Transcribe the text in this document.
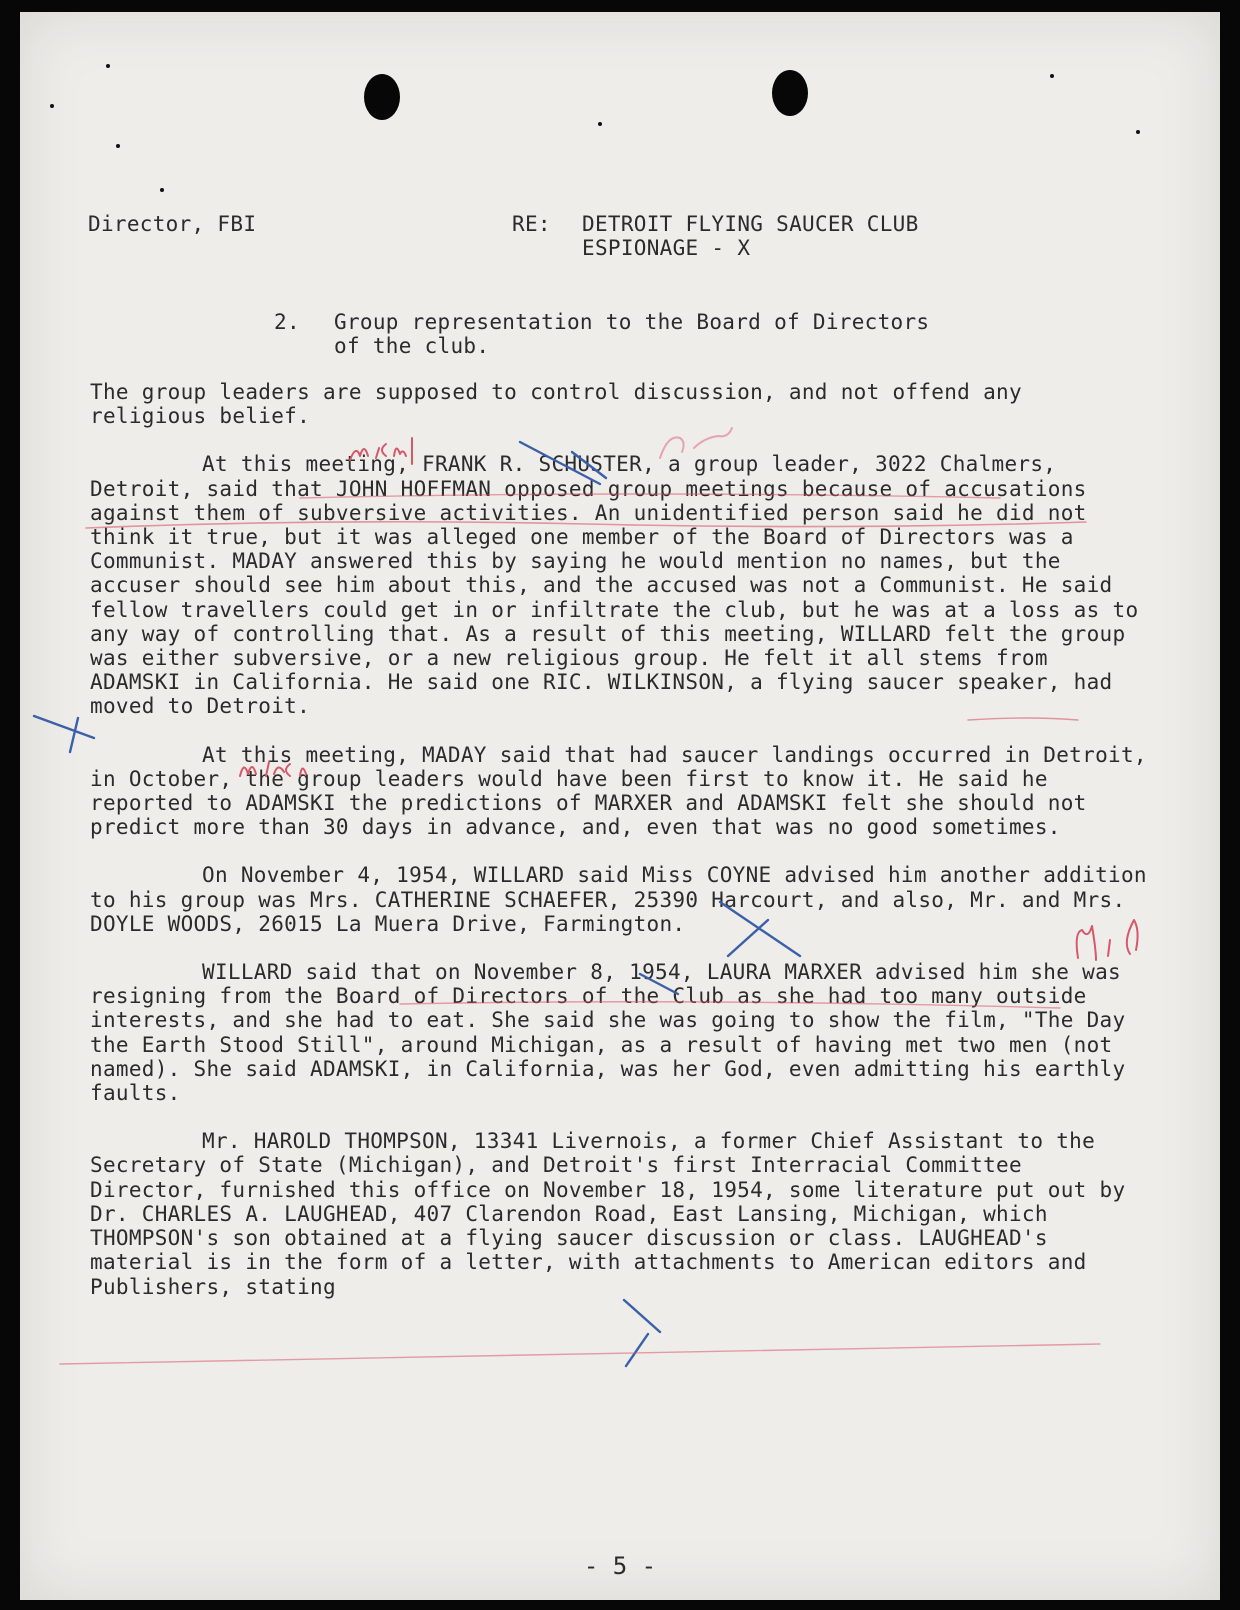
Director, FBI	RE: DETROIT FLYING SAUCER CLUB
ESPIONAGE - X
2. Group representation to the Board of Directors
of the club.

The group leaders are supposed to control discussion, and not offend any religious belief.

At this meeting, FRANK R. SCHUSTER, a group leader, 3022 Chalmers, Detroit, said that JOHN HOFFMAN opposed group meetings because of accusations against them of subversive activities. An unidentified person said he did not think it true, but it was alleged one member of the Board of Directors was a Communist. MADAY answered this by saying he would mention no names, but the accuser should see him about this, and the accused was not a Communist. He said fellow travellers could get in or infiltrate the club, but he was at a loss as to any way of controlling that. As a result of this meeting, WILLARD felt the group was either subversive, or a new religious group. He felt it all stems from ADAMSKI in California. He said one RIC. WILKINSON, a flying saucer speaker, had moved to Detroit.

At this meeting, MADAY said that had saucer landings occurred in Detroit, in October, the group leaders would have been first to know it. He said he reported to ADAMSKI the predictions of MARXER and ADAMSKI felt she should not predict more than 30 days in advance, and, even that was no good sometimes.

On November 4, 1954, WILLARD said Miss COYNE advised him another addition to his group was Mrs. CATHERINE SCHAEFER, 25390 Harcourt, and also, Mr. and Mrs. DOYLE WOODS, 26015 La Muera Drive, Farmington.

WILLARD said that on November 8, 1954, LAURA MARXER advised him she was resigning from the Board of Directors of the Club as she had too many outside interests, and she had to eat. She said she was going to show the film, "The Day the Earth Stood Still", around Michigan, as a result of having met two men (not named). She said ADAMSKI, in California, was her God, even admitting his earthly faults.

Mr. HAROLD THOMPSON, 13341 Livernois, a former Chief Assistant to the Secretary of State (Michigan), and Detroit's first Interracial Committee Director, furnished this office on November 18, 1954, some literature put out by Dr. CHARLES A. LAUGHEAD, 407 Clarendon Road, East Lansing, Michigan, which THOMPSON's son obtained at a flying saucer discussion or class. LAUGHEAD's material is in the form of a letter, with attachments to American editors and Publishers, stating

- 5 -
